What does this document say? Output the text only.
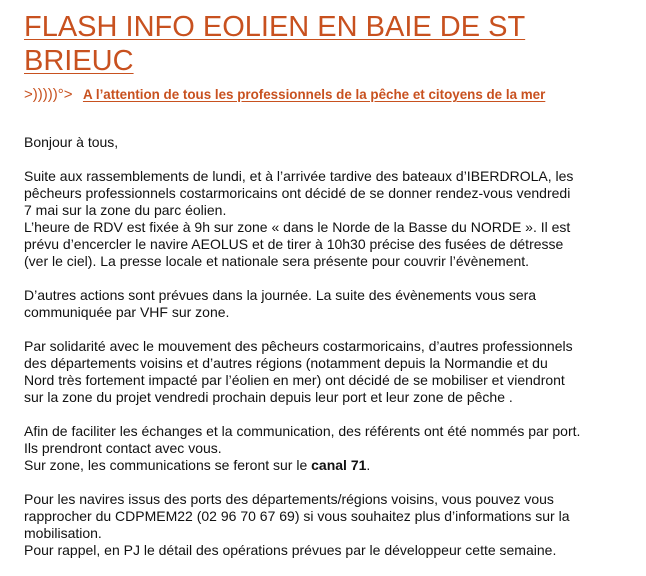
FLASH INFO EOLIEN EN BAIE DE ST BRIEUC
>)))))°> A l’attention de tous les professionnels de la pêche et citoyens de la mer

Bonjour à tous,

Suite aux rassemblements de lundi, et à l’arrivée tardive des bateaux d’IBERDROLA, les
pêcheurs professionnels costarmoricains ont décidé de se donner rendez-vous vendredi
7 mai sur la zone du parc éolien.
L’heure de RDV est fixée à 9h sur zone « dans le Norde de la Basse du NORDE ». Il est
prévu d’encercler le navire AEOLUS et de tirer à 10h30 précise des fusées de détresse
(ver le ciel). La presse locale et nationale sera présente pour couvrir l’évènement.

D’autres actions sont prévues dans la journée. La suite des évènements vous sera
communiquée par VHF sur zone.

Par solidarité avec le mouvement des pêcheurs costarmoricains, d’autres professionnels
des départements voisins et d’autres régions (notamment depuis la Normandie et du
Nord très fortement impacté par l’éolien en mer) ont décidé de se mobiliser et viendront
sur la zone du projet vendredi prochain depuis leur port et leur zone de pêche .

Afin de faciliter les échanges et la communication, des référents ont été nommés par port.
Ils prendront contact avec vous.
Sur zone, les communications se feront sur le canal 71.

Pour les navires issus des ports des départements/régions voisins, vous pouvez vous
rapprocher du CDPMEM22 (02 96 70 67 69) si vous souhaitez plus d’informations sur la
mobilisation.
Pour rappel, en PJ le détail des opérations prévues par le développeur cette semaine.
